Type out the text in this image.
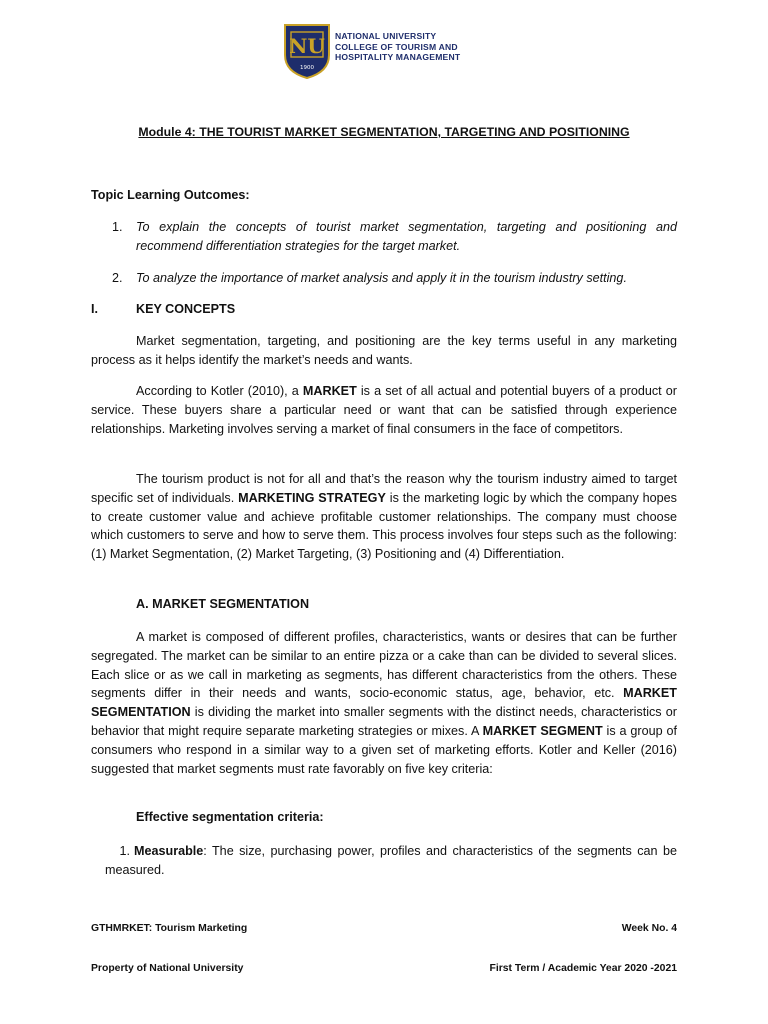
NU
1900
NATIONAL UNIVERSITY
COLLEGE OF TOURISM AND
HOSPITALITY MANAGEMENT
Module 4: THE TOURIST MARKET SEGMENTATION, TARGETING AND POSITIONING
Topic Learning Outcomes:
1. To explain the concepts of tourist market segmentation, targeting and positioning and recommend differentiation strategies for the target market.
2. To analyze the importance of market analysis and apply it in the tourism industry setting.
I.	KEY CONCEPTS
Market segmentation, targeting, and positioning are the key terms useful in any marketing process as it helps identify the market’s needs and wants.
According to Kotler (2010), a MARKET is a set of all actual and potential buyers of a product or service. These buyers share a particular need or want that can be satisfied through experience relationships. Marketing involves serving a market of final consumers in the face of competitors.
The tourism product is not for all and that’s the reason why the tourism industry aimed to target specific set of individuals. MARKETING STRATEGY is the marketing logic by which the company hopes to create customer value and achieve profitable customer relationships. The company must choose which customers to serve and how to serve them. This process involves four steps such as the following: (1) Market Segmentation, (2) Market Targeting, (3) Positioning and (4) Differentiation.
A. MARKET SEGMENTATION
A market is composed of different profiles, characteristics, wants or desires that can be further segregated. The market can be similar to an entire pizza or a cake than can be divided to several slices. Each slice or as we call in marketing as segments, has different characteristics from the others. These segments differ in their needs and wants, socio-economic status, age, behavior, etc. MARKET SEGMENTATION is dividing the market into smaller segments with the distinct needs, characteristics or behavior that might require separate marketing strategies or mixes. A MARKET SEGMENT is a group of consumers who respond in a similar way to a given set of marketing efforts. Kotler and Keller (2016) suggested that market segments must rate favorably on five key criteria:
Effective segmentation criteria:
1. Measurable: The size, purchasing power, profiles and characteristics of the segments can be measured.
GTHMRKET: Tourism Marketing	Week No. 4
Property of National University	First Term / Academic Year 2020 -2021
